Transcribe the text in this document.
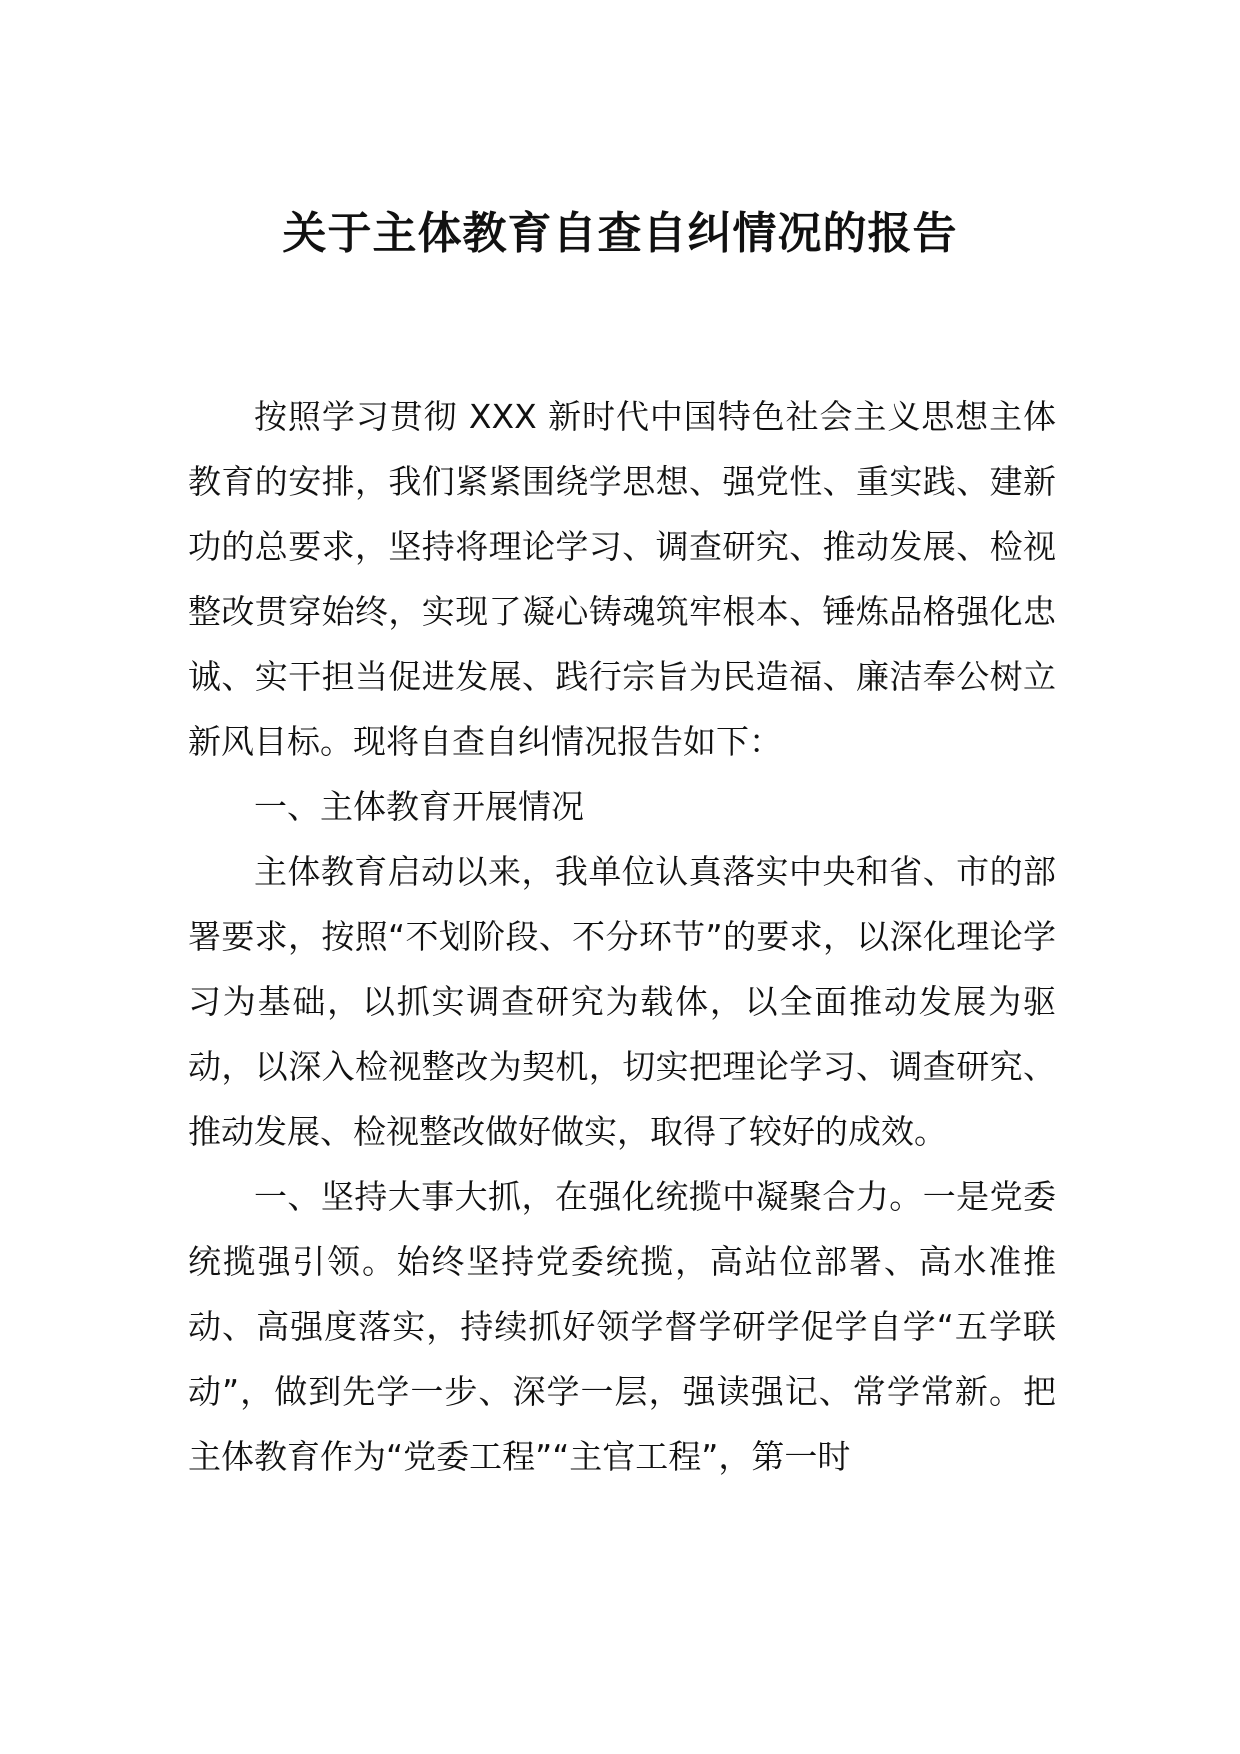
关于主体教育自查自纠情况的报告

按照学习贯彻 XXX 新时代中国特色社会主义思想主体教育的安排，我们紧紧围绕学思想、强党性、重实践、建新功的总要求，坚持将理论学习、调查研究、推动发展、检视整改贯穿始终，实现了凝心铸魂筑牢根本、锤炼品格强化忠诚、实干担当促进发展、践行宗旨为民造福、廉洁奉公树立新风目标。现将自查自纠情况报告如下：

一、主体教育开展情况

主体教育启动以来，我单位认真落实中央和省、市的部署要求，按照“不划阶段、不分环节”的要求，以深化理论学习为基础，以抓实调查研究为载体，以全面推动发展为驱动，以深入检视整改为契机，切实把理论学习、调查研究、推动发展、检视整改做好做实，取得了较好的成效。

一、坚持大事大抓，在强化统揽中凝聚合力。一是党委统揽强引领。始终坚持党委统揽，高站位部署、高水准推动、高强度落实，持续抓好领学督学研学促学自学“五学联动”，做到先学一步、深学一层，强读强记、常学常新。把主体教育作为“党委工程”“主官工程”，第一时
